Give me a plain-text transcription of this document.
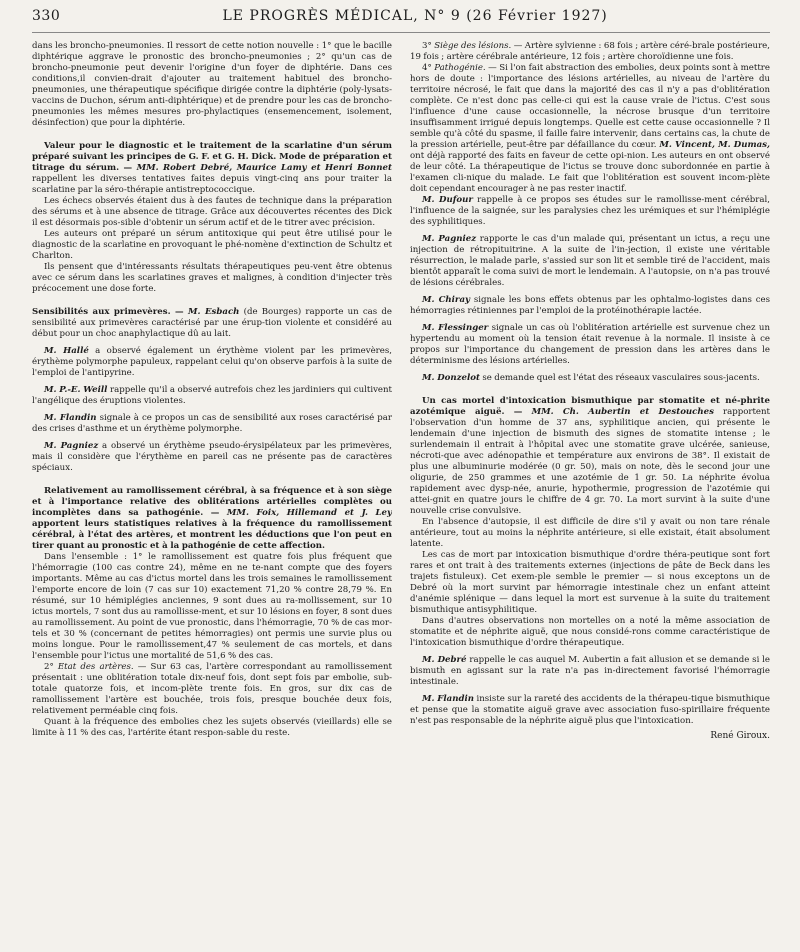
330	LE PROGRÈS MÉDICAL, N° 9 (26 Février 1927)

dans les broncho-pneumonies. Il ressort de cette notion nouvelle : 1° que le bacille diphtérique aggrave le pronostic des broncho-pneumonies ; 2° qu'un cas de broncho-pneumonie peut devenir l'origine d'un foyer de diphtérie. Dans ces conditions,il convien-drait d'ajouter au traitement habituel des broncho-pneumonies, une thérapeutique spécifique dirigée contre la diphtérie (poly-lysats-vaccins de Duchon, sérum anti-diphtérique) et de prendre pour les cas de broncho-pneumonies les mêmes mesures pro-phylactiques (ensemencement, isolement, désinfection) que pour la diphtérie.

Valeur pour le diagnostic et le traitement de la scarlatine d'un sérum préparé suivant les principes de G. F. et G. H. Dick. Mode de préparation et titrage du sérum. — MM. Robert Debré, Maurice Lamy et Henri Bonnet rappellent les diverses tentatives faites depuis vingt-cinq ans pour traiter la scarlatine par la séro-thérapie antistreptococcique.

Les échecs observés étaient dus à des fautes de technique dans la préparation des sérums et à une absence de titrage. Grâce aux découvertes récentes des Dick il est désormais pos-sible d'obtenir un sérum actif et de le titrer avec précision.

Les auteurs ont préparé un sérum antitoxique qui peut être utilisé pour le diagnostic de la scarlatine en provoquant le phé-nomène d'extinction de Schultz et Charlton.

Ils pensent que d'intéressants résultats thérapeutiques peu-vent être obtenus avec ce sérum dans les scarlatines graves et malignes, à condition d'injecter très précocement une dose forte.

Sensibilités aux primevères. — M. Esbach (de Bourges) rapporte un cas de sensibilité aux primevères caractérisé par une érup-tion violente et considéré au début pour un choc anaphylactique dû au lait.

M. Hallé a observé également un érythème violent par les primevères, érythème polymorphe papuleux, rappelant celui qu'on observe parfois à la suite de l'emploi de l'antipyrine.

M. P.-E. Weill rappelle qu'il a observé autrefois chez les jardiniers qui cultivent l'angélique des éruptions violentes.

M. Flandin signale à ce propos un cas de sensibilité aux roses caractérisé par des crises d'asthme et un érythème polymorphe.

M. Pagniez a observé un érythème pseudo-érysipélateux par les primevères, mais il considère que l'érythème en pareil cas ne présente pas de caractères spéciaux.

Relativement au ramollissement cérébral, à sa fréquence et à son siège et à l'importance relative des oblitérations artérielles complètes ou incomplètes dans sa pathogénie. — MM. Foix, Hillemand et J. Ley apportent leurs statistiques relatives à la fréquence du ramollissement cérébral, à l'état des artères, et montrent les déductions que l'on peut en tirer quant au pronostic et à la pathogénie de cette affection.

Dans l'ensemble : 1° le ramollissement est quatre fois plus fréquent que l'hémorragie (100 cas contre 24), même en ne te-nant compte que des foyers importants. Même au cas d'ictus mortel dans les trois semaines le ramollissement l'emporte encore de loin (7 cas sur 10) exactement 71,20 % contre 28,79 %. En résumé, sur 10 hémiplégies anciennes, 9 sont dues au ra-mollissement, sur 10 ictus mortels, 7 sont dus au ramollisse-ment, et sur 10 lésions en foyer, 8 sont dues au ramollissement. Au point de vue pronostic, dans l'hémorragie, 70 % de cas mor-tels et 30 % (concernant de petites hémorragies) ont permis une survie plus ou moins longue. Pour le ramollissement,47 % seulement de cas mortels, et dans l'ensemble pour l'ictus une mortalité de 51,6 % des cas.

2° Etat des artères. — Sur 63 cas, l'artère correspondant au ramollissement présentait : une oblitération totale dix-neuf fois, dont sept fois par embolie, sub-totale quatorze fois, et incom-plète trente fois. En gros, sur dix cas de ramollissement l'artère est bouchée, trois fois, presque bouchée deux fois, relativement perméable cinq fois.

Quant à la fréquence des embolies chez les sujets observés (vieillards) elle se limite à 11 % des cas, l'artérite étant respon-sable du reste.

3° Siège des lésions. — Artère sylvienne : 68 fois ; artère céré-brale postérieure, 19 fois ; artère cérébrale antérieure, 12 fois ; artère choroïdienne une fois.

4° Pathogénie. — Si l'on fait abstraction des embolies, deux points sont à mettre hors de doute : l'importance des lésions artérielles, au niveau de l'artère du territoire nécrosé, le fait que dans la majorité des cas il n'y a pas d'oblitération complète. Ce n'est donc pas celle-ci qui est la cause vraie de l'ictus. C'est sous l'influence d'une cause occasionnelle, la nécrose brusque d'un territoire insuffisamment irrigué depuis longtemps. Quelle est cette cause occasionnelle ? Il semble qu'à côté du spasme, il faille faire intervenir, dans certains cas, la chute de la pression artérielle, peut-être par défaillance du cœur. M. Vincent, M. Dumas, ont déjà rapporté des faits en faveur de cette opi-nion. Les auteurs en ont observé de leur côté. La thérapeutique de l'ictus se trouve donc subordonnée en partie à l'examen cli-nique du malade. Le fait que l'oblitération est souvent incom-plète doit cependant encourager à ne pas rester inactif.

M. Dufour rappelle à ce propos ses études sur le ramollisse-ment cérébral, l'influence de la saignée, sur les paralysies chez les urémiques et sur l'hémiplégie des syphilitiques.

M. Pagniez rapporte le cas d'un malade qui, présentant un ictus, a reçu une injection de rétropituitrine. A la suite de l'in-jection, il existe une véritable résurrection, le malade parle, s'assied sur son lit et semble tiré de l'accident, mais bientôt apparaît le coma suivi de mort le lendemain. A l'autopsie, on n'a pas trouvé de lésions cérébrales.

M. Chiray signale les bons effets obtenus par les ophtalmo-logistes dans ces hémorragies rétiniennes par l'emploi de la protéinothérapie lactée.

M. Flessinger signale un cas où l'oblitération artérielle est survenue chez un hypertendu au moment où la tension était revenue à la normale. Il insiste à ce propos sur l'importance du changement de pression dans les artères dans le déterminisme des lésions artérielles.

M. Donzelot se demande quel est l'état des réseaux vasculaires sous-jacents.

Un cas mortel d'intoxication bismuthique par stomatite et né-phrite azotémique aiguë. — MM. Ch. Aubertin et Destouches rapportent l'observation d'un homme de 37 ans, syphilitique ancien, qui présente le lendemain d'une injection de bismuth des signes de stomatite intense ; le surlendemain il entrait à l'hôpital avec une stomatite grave ulcérée, sanieuse, nécroti-que avec adénopathie et température aux environs de 38°. Il existait de plus une albuminurie modérée (0 gr. 50), mais on note, dès le second jour une oligurie, de 250 grammes et une azotémie de 1 gr. 50. La néphrite évolua rapidement avec dysp-née, anurie, hypothermie, progression de l'azotémie qui attei-gnit en quatre jours le chiffre de 4 gr. 70. La mort survint à la suite d'une nouvelle crise convulsive.

En l'absence d'autopsie, il est difficile de dire s'il y avait ou non tare rénale antérieure, tout au moins la néphrite antérieure, si elle existait, était absolument latente.

Les cas de mort par intoxication bismuthique d'ordre théra-peutique sont fort rares et ont trait à des traitements externes (injections de pâte de Beck dans les trajets fistuleux). Cet exem-ple semble le premier — si nous exceptons un de Debré où la mort survint par hémorragie intestinale chez un enfant atteint d'anémie splénique — dans lequel la mort est survenue à la suite du traitement bismuthique antisyphilitique.

Dans d'autres observations non mortelles on a noté la même association de stomatite et de néphrite aiguë, que nous considé-rons comme caractéristique de l'intoxication bismuthique d'ordre thérapeutique.

M. Debré rappelle le cas auquel M. Aubertin a fait allusion et se demande si le bismuth en agissant sur la rate n'a pas in-directement favorisé l'hémorragie intestinale.

M. Flandin insiste sur la rareté des accidents de la thérapeu-tique bismuthique et pense que la stomatite aiguë grave avec association fuso-spirillaire fréquente n'est pas responsable de la néphrite aiguë plus que l'intoxication.

René Giroux.
